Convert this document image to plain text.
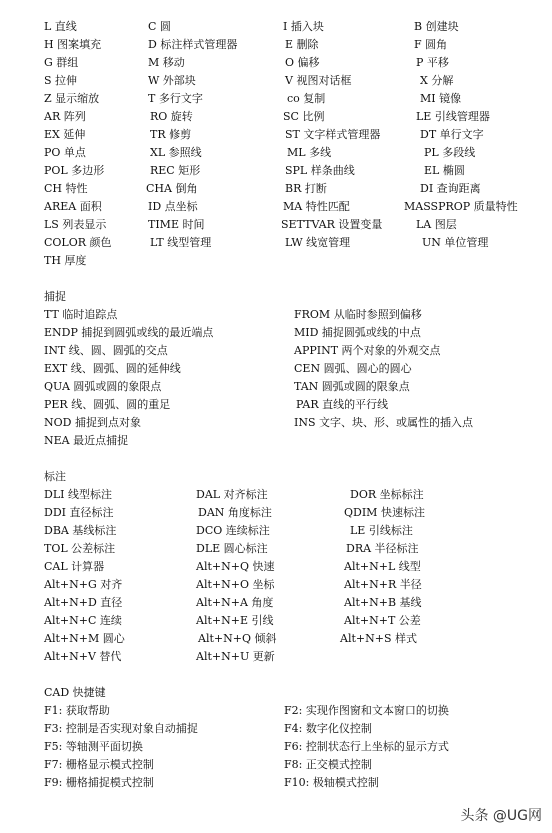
L 直线
H 图案填充
G 群组
S 拉伸
Z 显示缩放
AR 阵列
EX 延伸
PO 单点
POL 多边形
CH 特性
AREA 面积
LS 列表显示
COLOR 颜色
TH 厚度
C 圆
D 标注样式管理器
M 移动
W 外部块
T 多行文字
RO 旋转
TR 修剪
XL 参照线
REC 矩形
CHA 倒角
ID 点坐标
TIME 时间
LT 线型管理
I 插入块
E 删除
O 偏移
V 视图对话框
co 复制
SC 比例
ST 文字样式管理器
ML 多线
SPL 样条曲线
BR 打断
MA 特性匹配
SETTVAR 设置变量
LW 线宽管理
B 创建块
F 圆角
P 平移
X 分解
MI 镜像
LE 引线管理器
DT 单行文字
PL 多段线
EL 椭圆
DI 查询距离
MASSPROP 质量特性
LA 图层
UN 单位管理
捕捉
TT 临时追踪点
ENDP 捕捉到圆弧或线的最近端点
INT 线、圆、圆弧的交点
EXT 线、圆弧、圆的延伸线
QUA 圆弧或圆的象限点
PER 线、圆弧、圆的重足
NOD 捕捉到点对象
NEA 最近点捕捉
FROM 从临时参照到偏移
MID 捕捉圆弧或线的中点
APPINT 两个对象的外观交点
CEN 圆弧、圆心的圆心
TAN 圆弧或圆的限象点
PAR 直线的平行线
INS 文字、块、形、或属性的插入点
标注
DLI 线型标注
DDI 直径标注
DBA 基线标注
TOL 公差标注
CAL 计算器
Alt+N+G 对齐
Alt+N+D 直径
Alt+N+C 连续
Alt+N+M 圆心
Alt+N+V 替代
DAL 对齐标注
DAN 角度标注
DCO 连续标注
DLE 圆心标注
Alt+N+Q 快速
Alt+N+O 坐标
Alt+N+A 角度
Alt+N+E 引线
Alt+N+Q 倾斜
Alt+N+U 更新
DOR 坐标标注
QDIM 快速标注
LE 引线标注
DRA 半径标注
Alt+N+L 线型
Alt+N+R 半径
Alt+N+B 基线
Alt+N+T 公差
Alt+N+S 样式
CAD 快捷键
F1: 获取帮助
F3: 控制是否实现对象自动捕捉
F5: 等轴测平面切换
F7: 栅格显示模式控制
F9: 栅格捕捉模式控制
F2: 实现作图窗和文本窗口的切换
F4: 数字化仪控制
F6: 控制状态行上坐标的显示方式
F8: 正交模式控制
F10: 极轴模式控制
头条 @UG网
